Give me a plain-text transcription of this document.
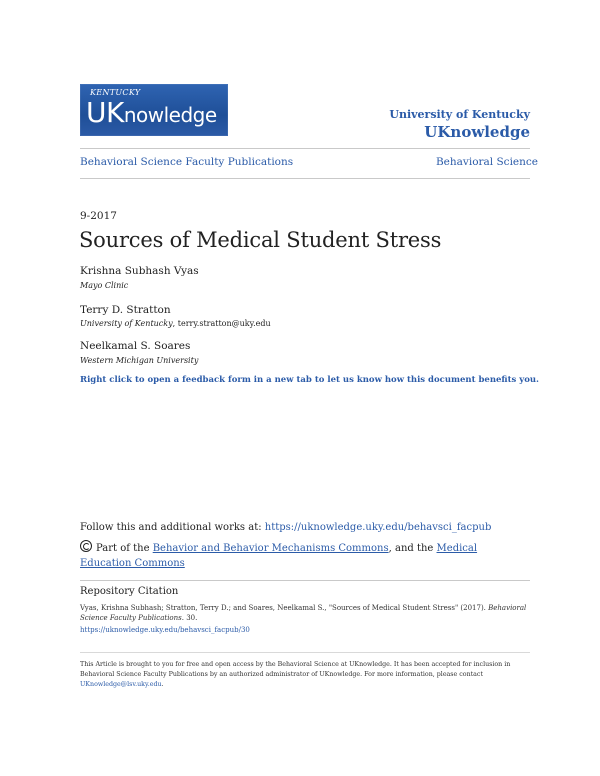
KENTUCKY
UKnowledge	University of Kentucky
UKnowledge
Behavioral Science Faculty Publications	Behavioral Science
9-2017
Sources of Medical Student Stress
Krishna Subhash Vyas
Mayo Clinic
Terry D. Stratton
University of Kentucky, terry.stratton@uky.edu
Neelkamal S. Soares
Western Michigan University
Right click to open a feedback form in a new tab to let us know how this document benefits you.
Follow this and additional works at: https://uknowledge.uky.edu/behavsci_facpub
Part of the Behavior and Behavior Mechanisms Commons, and the Medical Education Commons
Repository Citation
Vyas, Krishna Subhash; Stratton, Terry D.; and Soares, Neelkamal S., "Sources of Medical Student Stress" (2017). Behavioral Science Faculty Publications. 30.
https://uknowledge.uky.edu/behavsci_facpub/30
This Article is brought to you for free and open access by the Behavioral Science at UKnowledge. It has been accepted for inclusion in Behavioral Science Faculty Publications by an authorized administrator of UKnowledge. For more information, please contact UKnowledge@lsv.uky.edu.
